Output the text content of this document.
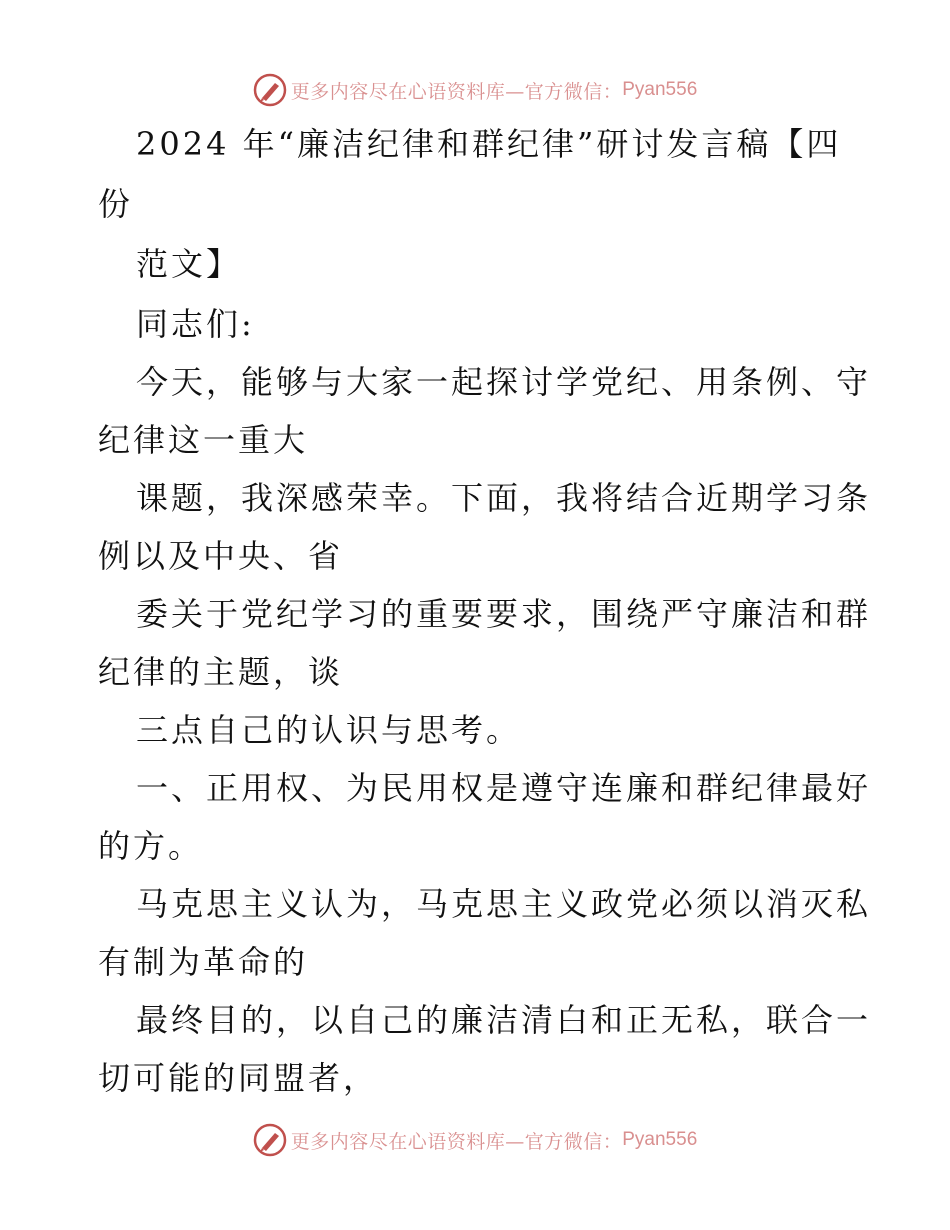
更多内容尽在心语资料库—官方微信： Pyan556
2024 年“廉洁纪律和群纪律”研讨发言稿【四
份
范文】
同志们:
今天，能够与大家一起探讨学党纪、用条例、守
纪律这一重大
课题，我深感荣幸。下面，我将结合近期学习条
例以及中央、省
委关于党纪学习的重要要求，围绕严守廉洁和群
纪律的主题，谈
三点自己的认识与思考。
一、正用权、为民用权是遵守连廉和群纪律最好
的方。
马克思主义认为，马克思主义政党必须以消灭私
有制为革命的
最终目的，以自己的廉洁清白和正无私，联合一
切可能的同盟者，
更多内容尽在心语资料库—官方微信： Pyan556
